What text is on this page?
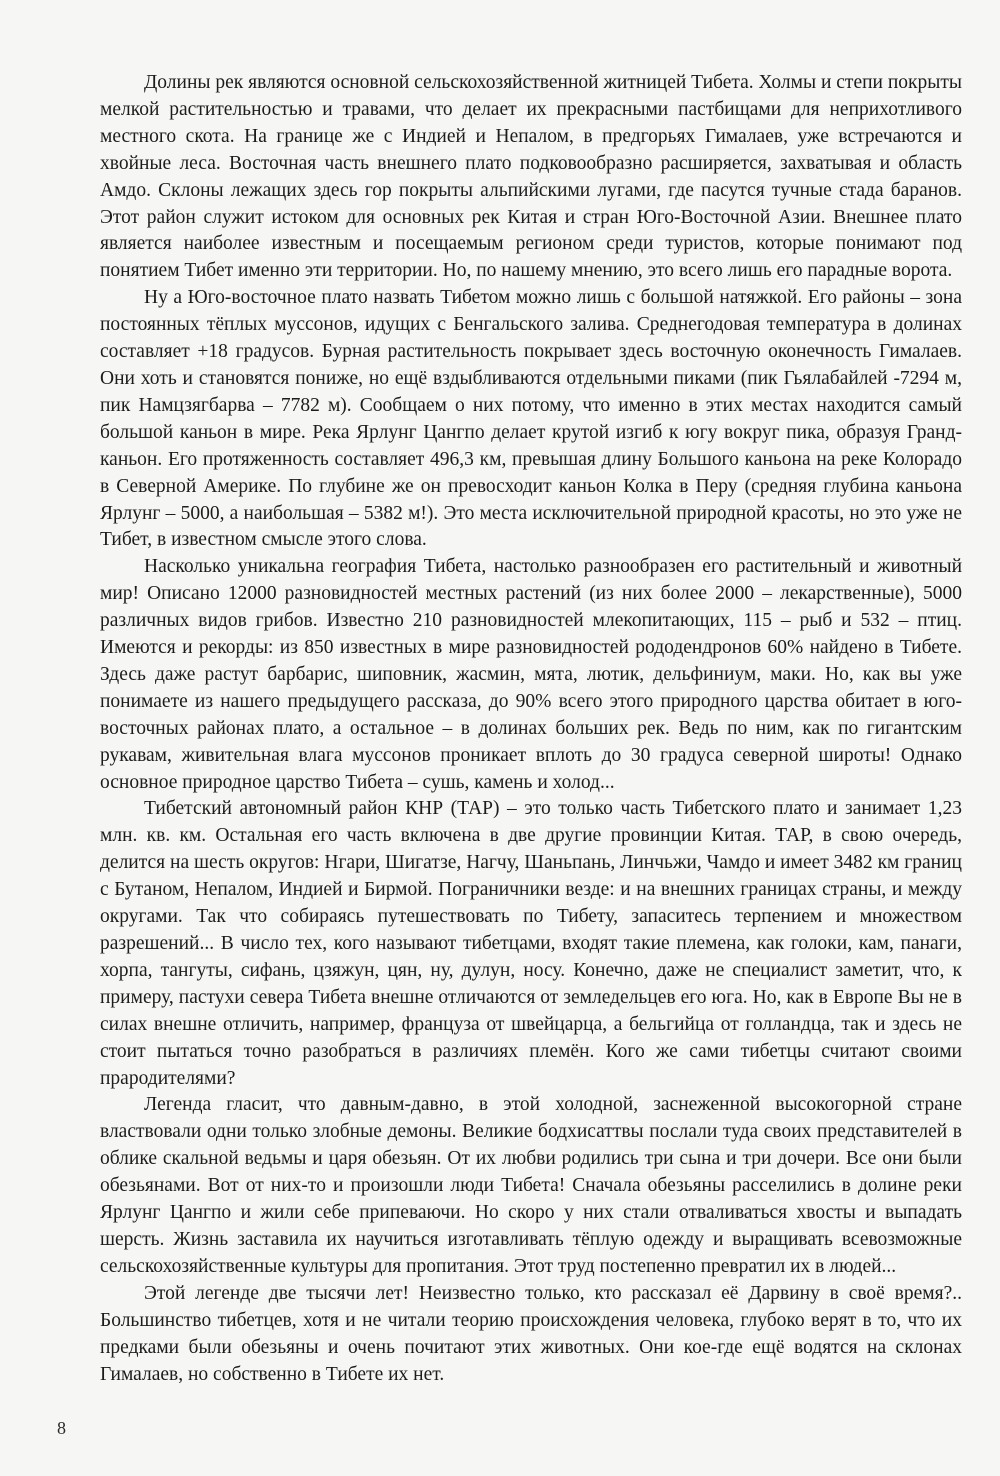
Долины рек являются основной сельскохозяйственной житницей Тибета. Холмы и степи покрыты мелкой растительностью и травами, что делает их прекрасными пастбищами для неприхотливого местного скота. На границе же с Индией и Непалом, в предгорьях Гималаев, уже встречаются и хвойные леса. Восточная часть внешнего плато подковообразно расширяется, захватывая и область Амдо. Склоны лежащих здесь гор покрыты альпийскими лугами, где пасутся тучные стада баранов. Этот район служит истоком для основных рек Китая и стран Юго-Восточной Азии. Внешнее плато является наиболее известным и посещаемым регионом среди туристов, которые понимают под понятием Тибет именно эти территории. Но, по нашему мнению, это всего лишь его парадные ворота.

Ну а Юго-восточное плато назвать Тибетом можно лишь с большой натяжкой. Его районы – зона постоянных тёплых муссонов, идущих с Бенгальского залива. Среднегодовая температура в долинах составляет +18 градусов. Бурная растительность покрывает здесь восточную оконечность Гималаев. Они хоть и становятся пониже, но ещё вздыбливаются отдельными пиками (пик Гьялабайлей -7294 м, пик Намцзягбарва – 7782 м). Сообщаем о них потому, что именно в этих местах находится самый большой каньон в мире. Река Ярлунг Цангпо делает крутой изгиб к югу вокруг пика, образуя Гранд-каньон. Его протяженность составляет 496,3 км, превышая длину Большого каньона на реке Колорадо в Северной Америке. По глубине же он превосходит каньон Колка в Перу (средняя глубина каньона Ярлунг – 5000, а наибольшая – 5382 м!). Это места исключительной природной красоты, но это уже не Тибет, в известном смысле этого слова.

Насколько уникальна география Тибета, настолько разнообразен его растительный и животный мир! Описано 12000 разновидностей местных растений (из них более 2000 – лекарственные), 5000 различных видов грибов. Известно 210 разновидностей млекопитающих, 115 – рыб и 532 – птиц. Имеются и рекорды: из 850 известных в мире разновидностей рододендронов 60% найдено в Тибете. Здесь даже растут барбарис, шиповник, жасмин, мята, лютик, дельфиниум, маки. Но, как вы уже понимаете из нашего предыдущего рассказа, до 90% всего этого природного царства обитает в юго-восточных районах плато, а остальное – в долинах больших рек. Ведь по ним, как по гигантским рукавам, живительная влага муссонов проникает вплоть до 30 градуса северной широты! Однако основное природное царство Тибета – сушь, камень и холод...

Тибетский автономный район КНР (ТАР) – это только часть Тибетского плато и занимает 1,23 млн. кв. км. Остальная его часть включена в две другие провинции Китая. ТАР, в свою очередь, делится на шесть округов: Нгари, Шигатзе, Нагчу, Шаньпань, Линчьжи, Чамдо и имеет 3482 км границ с Бутаном, Непалом, Индией и Бирмой. Пограничники везде: и на внешних границах страны, и между округами. Так что собираясь путешествовать по Тибету, запаситесь терпением и множеством разрешений... В число тех, кого называют тибетцами, входят такие племена, как голоки, кам, панаги, хорпа, тангуты, сифань, цзяжун, цян, ну, дулун, носу. Конечно, даже не специалист заметит, что, к примеру, пастухи севера Тибета внешне отличаются от земледельцев его юга. Но, как в Европе Вы не в силах внешне отличить, например, француза от швейцарца, а бельгийца от голландца, так и здесь не стоит пытаться точно разобраться в различиях племён. Кого же сами тибетцы считают своими прародителями?

Легенда гласит, что давным-давно, в этой холодной, заснеженной высокогорной стране властвовали одни только злобные демоны. Великие бодхисаттвы послали туда своих представителей в облике скальной ведьмы и царя обезьян. От их любви родились три сына и три дочери. Все они были обезьянами. Вот от них-то и произошли люди Тибета! Сначала обезьяны расселились в долине реки Ярлунг Цангпо и жили себе припеваючи. Но скоро у них стали отваливаться хвосты и выпадать шерсть. Жизнь заставила их научиться изготавливать тёплую одежду и выращивать всевозможные сельскохозяйственные культуры для пропитания. Этот труд постепенно превратил их в людей...

Этой легенде две тысячи лет! Неизвестно только, кто рассказал её Дарвину в своё время?.. Большинство тибетцев, хотя и не читали теорию происхождения человека, глубоко верят в то, что их предками были обезьяны и очень почитают этих животных. Они кое-где ещё водятся на склонах Гималаев, но собственно в Тибете их нет.

8
